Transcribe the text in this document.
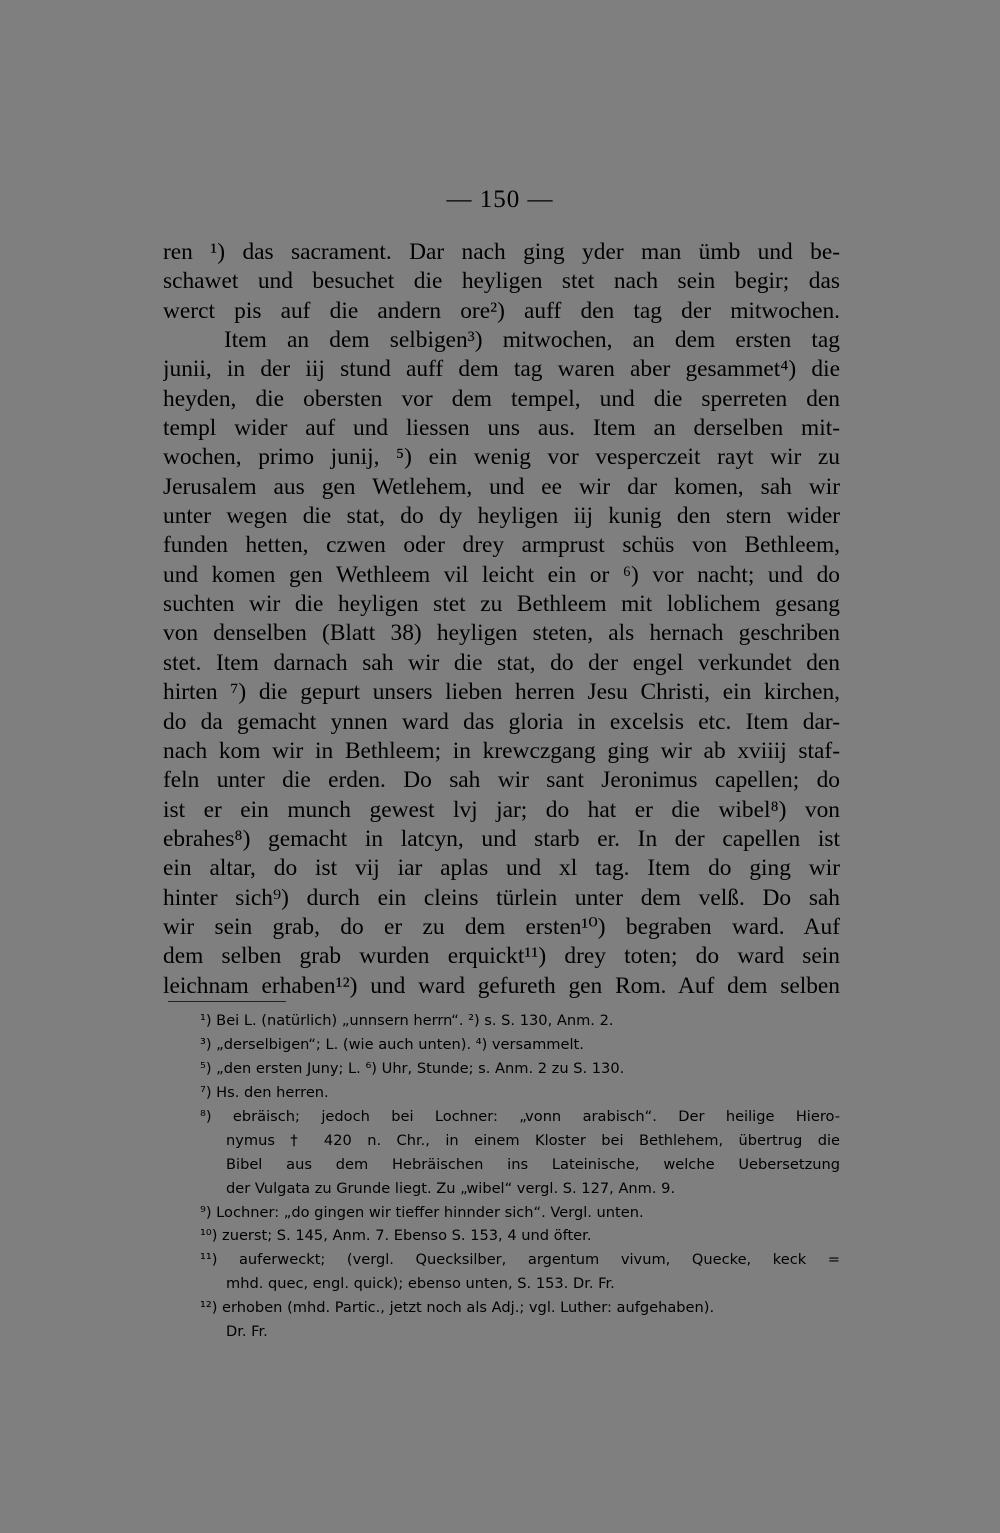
— 150 —
ren ¹) das sacrament. Dar nach ging yder man ümb und be-
schawet und besuchet die heyligen stet nach sein begir; das
werct pis auf die andern ore²) auff den tag der mitwochen.
Item an dem selbigen³) mitwochen, an dem ersten tag
junii, in der iij stund auff dem tag waren aber gesammet⁴) die
heyden, die obersten vor dem tempel, und die sperreten den
templ wider auf und liessen uns aus. Item an derselben mit-
wochen, primo junij, ⁵) ein wenig vor vesperczeit rayt wir zu
Jerusalem aus gen Wetlehem, und ee wir dar komen, sah wir
unter wegen die stat, do dy heyligen iij kunig den stern wider
funden hetten, czwen oder drey armprust schüs von Bethleem,
und komen gen Wethleem vil leicht ein or ⁶) vor nacht; und do
suchten wir die heyligen stet zu Bethleem mit loblichem gesang
von denselben (Blatt 38) heyligen steten, als hernach geschriben
stet. Item darnach sah wir die stat, do der engel verkundet den
hirten ⁷) die gepurt unsers lieben herren Jesu Christi, ein kirchen,
do da gemacht ynnen ward das gloria in excelsis etc. Item dar-
nach kom wir in Bethleem; in krewczgang ging wir ab xviiij staf-
feln unter die erden. Do sah wir sant Jeronimus capellen; do
ist er ein munch gewest lvj jar; do hat er die wibel⁸) von
ebrahes⁸) gemacht in latcyn, und starb er. In der capellen ist
ein altar, do ist vij iar aplas und xl tag. Item do ging wir
hinter sich⁹) durch ein cleins türlein unter dem velß. Do sah
wir sein grab, do er zu dem ersten¹⁰) begraben ward. Auf
dem selben grab wurden erquickt¹¹) drey toten; do ward sein
leichnam erhaben¹²) und ward gefureth gen Rom. Auf dem selben
¹) Bei L. (natürlich) „unnsern herrn“. ²) s. S. 130, Anm. 2.
³) „derselbigen“; L. (wie auch unten). ⁴) versammelt.
⁵) „den ersten Juny; L. ⁶) Uhr, Stunde; s. Anm. 2 zu S. 130.
⁷) Hs. den herren.
⁸) ebräisch; jedoch bei Lochner: „vonn arabisch“. Der heilige Hiero-
nymus † 420 n. Chr., in einem Kloster bei Bethlehem, übertrug die
Bibel aus dem Hebräischen ins Lateinische, welche Uebersetzung
der Vulgata zu Grunde liegt. Zu „wibel“ vergl. S. 127, Anm. 9.
⁹) Lochner: „do gingen wir tieffer hinnder sich“. Vergl. unten.
¹⁰) zuerst; S. 145, Anm. 7. Ebenso S. 153, 4 und öfter.
¹¹) auferweckt; (vergl. Quecksilber, argentum vivum, Quecke, keck =
mhd. quec, engl. quick); ebenso unten, S. 153. Dr. Fr.
¹²) erhoben (mhd. Partic., jetzt noch als Adj.; vgl. Luther: aufgehaben).
Dr. Fr.
